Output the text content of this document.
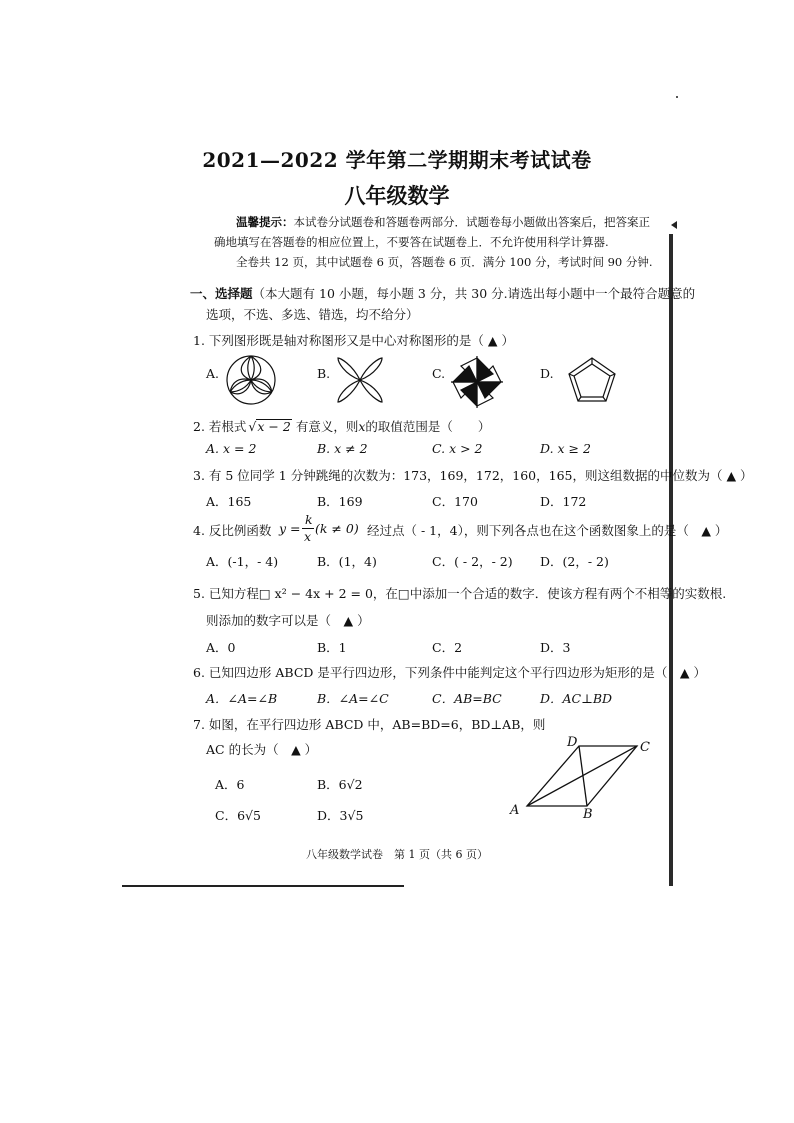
2021—2022 学年第二学期期末考试试卷
八年级数学
温馨提示：本试卷分试题卷和答题卷两部分．试题卷每小题做出答案后，把答案正
确地填写在答题卷的相应位置上，不要答在试题卷上．不允许使用科学计算器.
全卷共 12 页，其中试题卷 6 页，答题卷 6 页．满分 100 分，考试时间 90 分钟.
一、选择题（本大题有 10 小题，每小题 3 分，共 30 分.请选出每小题中一个最符合题意的
选项，不选、多选、错选，均不给分）
1. 下列图形既是轴对称图形又是中心对称图形的是（ ▲ ）
A.	B.	C.	D.
2. 若根式 √x − 2 有意义，则x的取值范围是（　　）
A. x = 2	B. x ≠ 2	C. x > 2	D. x ≥ 2
3. 有 5 位同学 1 分钟跳绳的次数为：173，169，172，160，165，则这组数据的中位数为（ ▲ ）
A．165	B．169	C．170	D．172
4. 反比例函数 y =
k
x
(k ≠ 0) 经过点（ - 1，4），则下列各点也在这个函数图象上的是（　▲ ）
A．(-1，- 4)	B．(1，4)	C．( - 2，- 2) D．(2，- 2)
5. 已知方程□ x² − 4x + 2 = 0，在□中添加一个合适的数字．使该方程有两个不相等的实数根.
则添加的数字可以是（　▲ ）
A．0	B．1	C．2	D．3
6. 已知四边形 ABCD 是平行四边形，下列条件中能判定这个平行四边形为矩形的是（　▲ ）
A．∠A=∠B	B．∠A=∠C	C．AB=BC	D．AC⊥BD
7. 如图，在平行四边形 ABCD 中，AB=BD=6，BD⊥AB，则
AC 的长为（　▲ ）
A．6	B．6√2
C．6√5	D．3√5	A	B
C
D
八年级数学试卷　第 1 页（共 6 页）
